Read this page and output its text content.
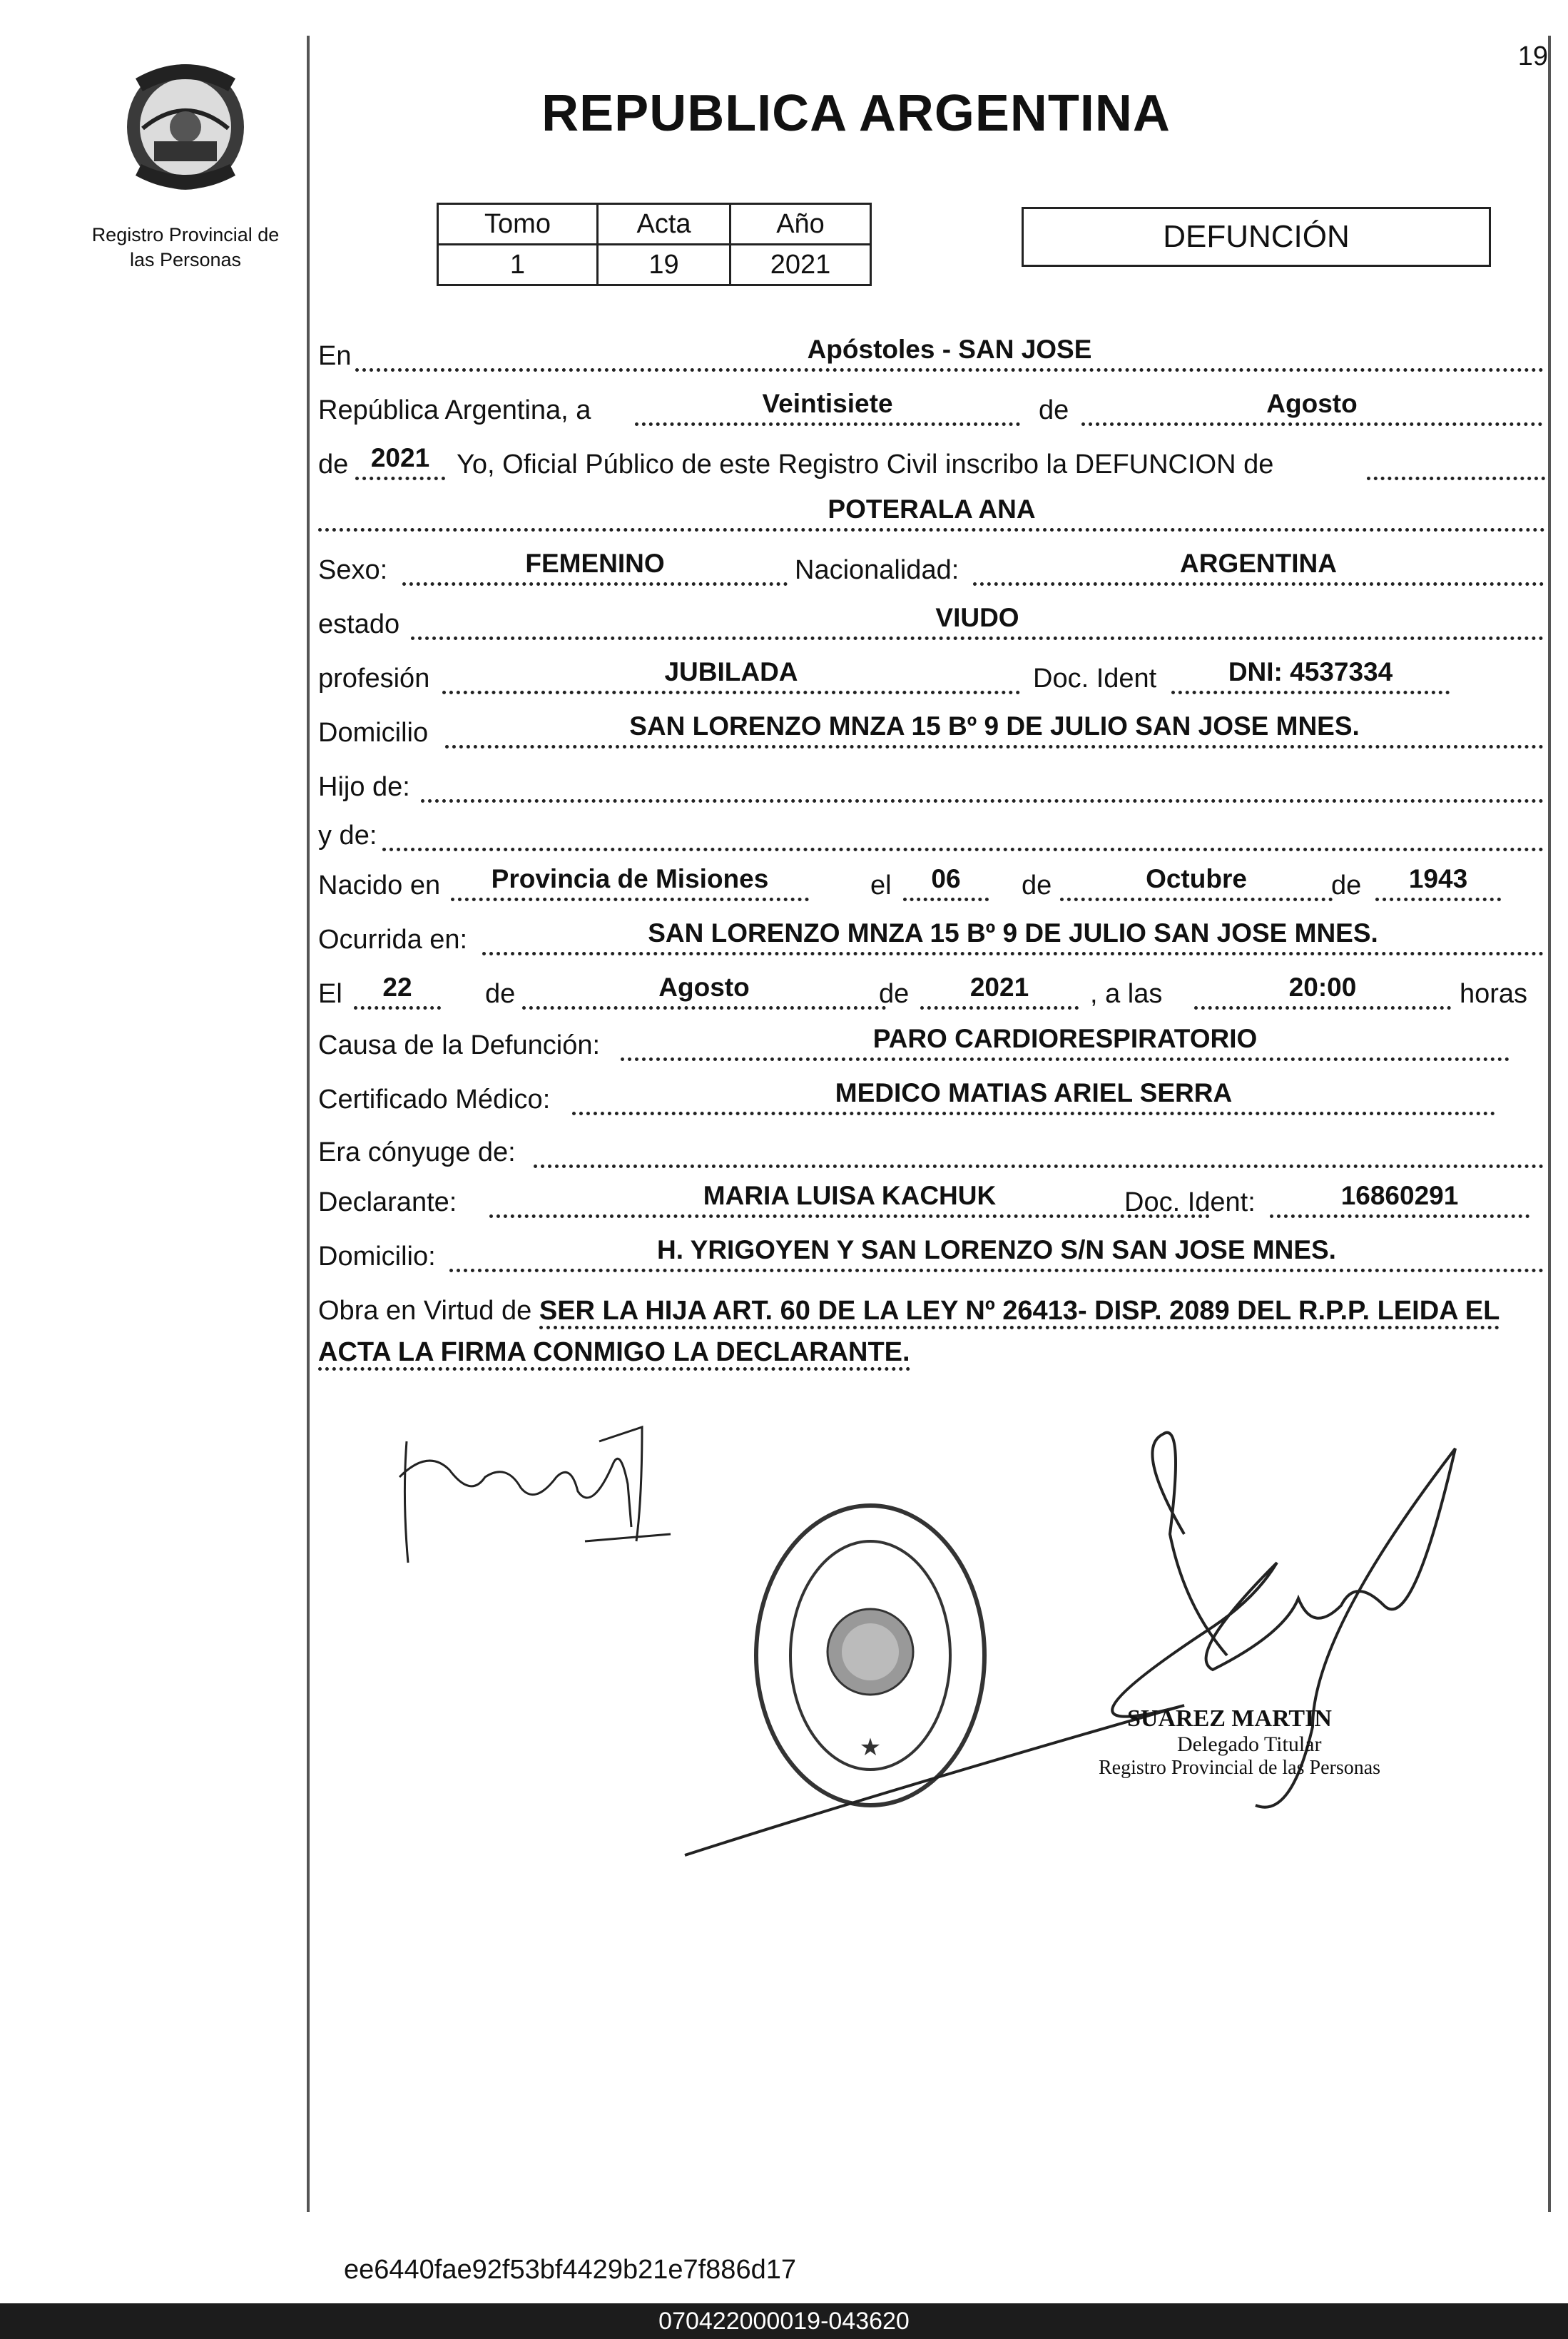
19
Registro Provincial de
las Personas
REPUBLICA ARGENTINA
Tomo	Acta	Año
1	19	2021
DEFUNCIÓN
En	Apóstoles - SAN JOSE
República Argentina, a	Veintisiete	de	Agosto
de 2021 Yo, Oficial Público de este Registro Civil inscribo la DEFUNCION de
POTERALA ANA
Sexo:	FEMENINO	Nacionalidad:	ARGENTINA
estado	VIUDO
profesión	JUBILADA	Doc. Ident	DNI: 4537334
Domicilio	SAN LORENZO MNZA 15 Bº 9 DE JULIO SAN JOSE MNES.
Hijo de:
y de:
Nacido en	Provincia de Misiones	el	06	de	Octubre	de	1943
Ocurrida en:	SAN LORENZO MNZA 15 Bº 9 DE JULIO SAN JOSE MNES.
El	22	de	Agosto	de	2021	, a las	20:00	horas
Causa de la Defunción:	PARO CARDIORESPIRATORIO
Certificado Médico:	MEDICO MATIAS ARIEL SERRA
Era cónyuge de:
Declarante:	MARIA LUISA KACHUK	Doc. Ident:	16860291
Domicilio:	H. YRIGOYEN Y SAN LORENZO S/N SAN JOSE MNES.
Obra en Virtud de SER LA HIJA ART. 60 DE LA LEY Nº 26413- DISP. 2089 DEL R.P.P. LEIDA EL ACTA LA FIRMA CONMIGO LA DECLARANTE.
★
SUAREZ MARTIN
Delegado Titular
Registro Provincial de las Personas
ee6440fae92f53bf4429b21e7f886d17
070422000019-043620
